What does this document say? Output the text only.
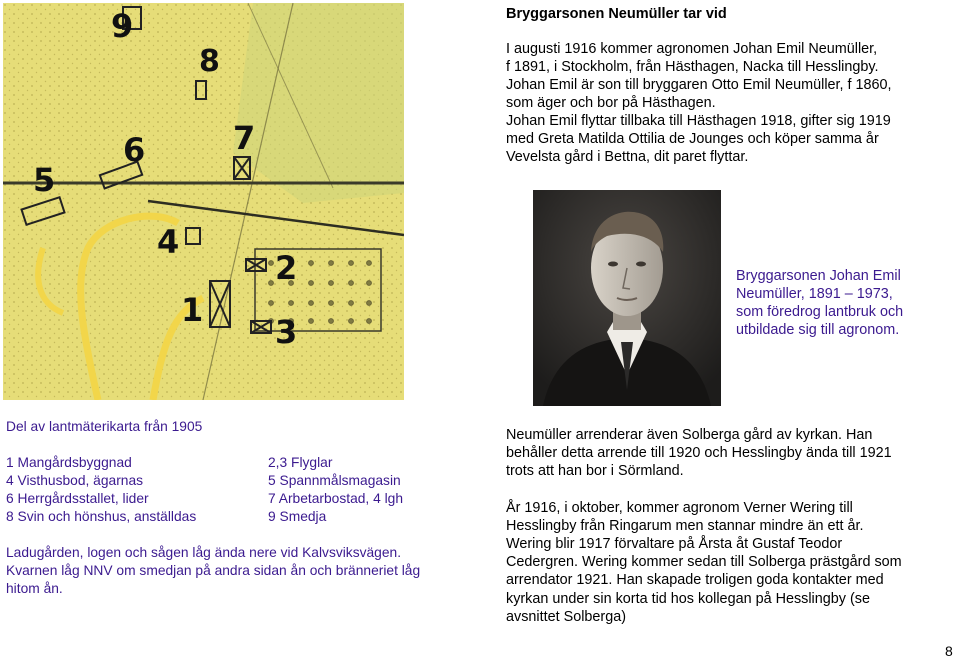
9
8
7
6
5
4
2
1
3
Bryggarsonen Neumüller tar vid

I augusti 1916 kommer agronomen Johan Emil Neumüller,

f 1891, i Stockholm, från Hästhagen, Nacka till Hesslingby.

Johan Emil är son till bryggaren Otto Emil Neumüller, f 1860,

som äger och bor på Hästhagen.

Johan Emil flyttar tillbaka till Hästhagen 1918, gifter sig 1919

med Greta Matilda Ottilia de Jounges och köper samma år

Vevelsta gård i Bettna, dit paret flyttar.

Bryggarsonen Johan Emil
Neumüller, 1891 – 1973,
som föredrog lantbruk och
utbildade sig till agronom.
Del av lantmäterikarta från 1905
1 Mangårdsbyggnad	2,3 Flyglar
4 Visthusbod, ägarnas	5 Spannmålsmagasin
6 Herrgårdsstallet, lider	7 Arbetarbostad, 4 lgh
8 Svin och hönshus, anställdas	9 Smedja

Ladugården, logen och sågen låg ända nere vid Kalvsviksvägen.

Kvarnen låg NNV om smedjan på andra sidan ån och bränneriet låg

hitom ån.

Neumüller arrenderar även Solberga gård av kyrkan. Han
behåller detta arrende till 1920 och Hesslingby ända till 1921
trots att han bor i Sörmland.

År 1916, i oktober, kommer agronom Verner Wering till
Hesslingby från Ringarum men stannar mindre än ett år.
Wering blir 1917 förvaltare på Årsta åt Gustaf Teodor
Cedergren. Wering kommer sedan till Solberga prästgård som
arrendator 1921. Han skapade troligen goda kontakter med
kyrkan under sin korta tid hos kollegan på Hesslingby (se
avsnittet Solberga)

8
